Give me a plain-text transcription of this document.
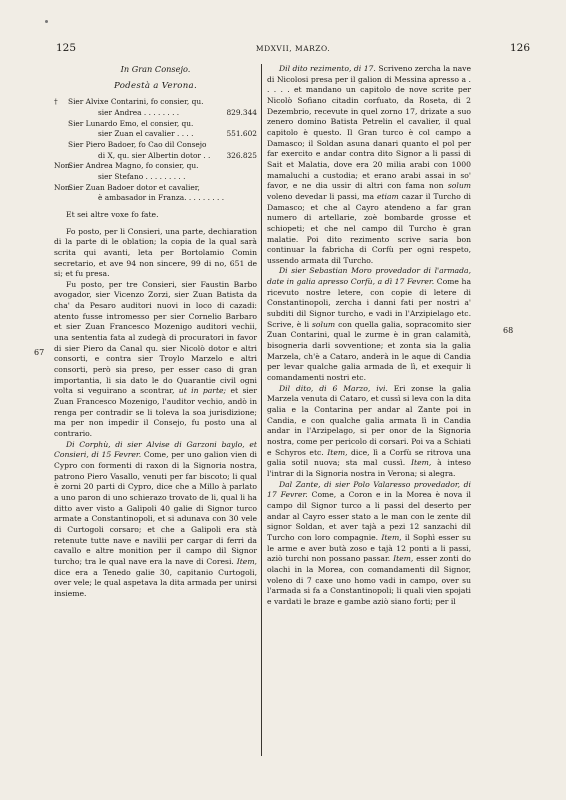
125	MDXVII, MARZO.	126
67
68

In Gran Consejo.

Podestà a Verona.

† Sier Alvixe Contarini, fo consier, qu.

sier Andrea . . . . . . . .	829.344

Sier Lunardo Emo, el consier, qu.

sier Zuan el cavalier . . . .	551.602

Sier Piero Badoer, fo Cao dil Consejo

di X, qu. sier Albertin dotor . . 326.825

Non.Sier Andrea Magno, fo consier, qu.

sier Stefano . . . . . . . . .

Non.Sier Zuan Badoer dotor et cavalier,

è ambasador in Franza. . . . . . . . .

Et sei altre voxe fo fate.

Fo posto, per li Consieri, una parte, dechiaration di la parte di le oblation; la copia de la qual sarà scrita qui avanti, leta per Bortolamio Comin secretario, et ave 94 non sincere, 99 di no, 651 de si; et fu presa.

Fu posto, per tre Consieri, sier Faustin Barbo avogador, sier Vicenzo Zorzi, sier Zuan Batista da cha' da Pesaro auditori nuovi in loco di cazadi: atento fusse intromesso per sier Cornelio Barbaro et sier Zuan Francesco Mozenigo auditori vechii, una sententia fata al zudegà di procuratori in favor di sier Piero da Canal qu. sier Nicolò dotor e altri consorti, e contra sier Troylo Marzelo e altri consorti, però sia preso, per esser caso di gran importantia, li sia dato le do Quarantie civil ogni volta si veguirano a scontrar, ut in parte; et sier Zuan Francesco Mozenigo, l'auditor vechio, andò in renga per contradir se li toleva la soa jurisdizione; ma per non impedir il Consejo, fu posto una al contrario.

Di Corphù, di sier Alvise di Garzoni baylo, et Consieri, di 15 Fevrer. Come, per uno galion vien di Cypro con formenti di raxon di la Signoria nostra, patrono Piero Vasallo, venuti per far biscoto; li qual è zorni 20 parti di Cypro, dice che a Millo à parlato a uno paron di uno schierazo trovato de li, qual li ha ditto aver visto a Galipoli 40 galie di Signor turco armate a Constantinopoli, et si adunava con 30 vele di Curtogoli corsaro; et che a Galipoli era stà retenute tutte nave e navilii per cargar di ferri da cavallo e altre monition per il campo dil Signor turcho; tra le qual nave era la nave di Coresi. Item, dice era a Tenedo galie 30, capitanio Curtogoli, over vele; le qual aspetava la dita armada per unirsi insieme.

Dil dito rezimento, di 17. Scriveno zercha la nave di Nicolosi presa per il galion di Messina apresso a . . . . . et mandano un capitolo de nove scrite per Nicolò Sofiano citadin corfuato, da Roseta, di 2 Dezembrio, recevute in quel zorno 17, drizate a suo zenero domino Batista Petrelin el cavalier, il qual capitolo è questo. Il Gran turco è col campo a Damasco; il Soldan asuna danari quanto el pol per far exercito e andar contra dito Signor a li passi di Sait et Malatia, dove era 20 milia arabi con 1000 mamaluchi a custodia; et erano arabi assai in so' favor, e ne dia ussir di altri con fama non solum voleno devedar li passi, ma etiam cazar il Turcho di Damasco; et che al Cayro atendeno a far gran numero di artellarie, zoè bombarde grosse et schiopeti; et che nel campo dil Turcho è gran malatie. Poi dito rezimento scrive saria bon continuar la fabricha di Corfù per ogni respeto, ussendo armata dil Turcho.

Di sier Sebastian Moro provedador di l'armada, date in galia apresso Corfù, a dì 17 Fevrer. Come ha ricevuto nostre letere, con copie di letere di Constantinopoli, zercha i danni fati per nostri a' subditi dil Signor turcho, e vadi in l'Arzipielago etc. Scrive, è li solum con quella galia, sopracomito sier Zuan Contarini, qual le zurme è in gran calamità, bisogneria darli sovventione; et zonta sia la galia Marzela, ch'è a Cataro, anderà in le aque di Candia per levar qualche galia armada de lì, et exequir li comandamenti nostri etc.

Dil dito, di 6 Marzo, ivi. Eri zonse la galia Marzela venuta di Cataro, et cussì si leva con la dita galia e la Contarina per andar al Zante poi in Candia, e con qualche galia armata lì in Candia andar in l'Arzipelago, si per onor de la Signoria nostra, come per pericolo di corsari. Poi va a Schiati e Schyros etc. Item, dice, lì a Corfù se ritrova una galia sotil nuova; sta mal cussì. Item, à inteso l'intrar di la Signoria nostra in Verona; si alegra.

Dal Zante, di sier Polo Valaresso provedador, di 17 Fevrer. Come, a Coron e in la Morea è nova il campo dil Signor turco a li passi del deserto per andar al Cayro esser stato a le man con le zente dil signor Soldan, et aver tajà a pezi 12 sanzachi dil Turcho con loro compagnie. Item, il Sophì esser su le arme e aver butà zoso e tajà 12 ponti a li passi, aziò turchi non possano passar. Item, esser zonti do olachi in la Morea, con comandamenti dil Signor, voleno di 7 caxe uno homo vadi in campo, over su l'armada si fa a Constantinopoli; li quali vien spojati e vardati le braze e gambe aziò siano forti; per il
